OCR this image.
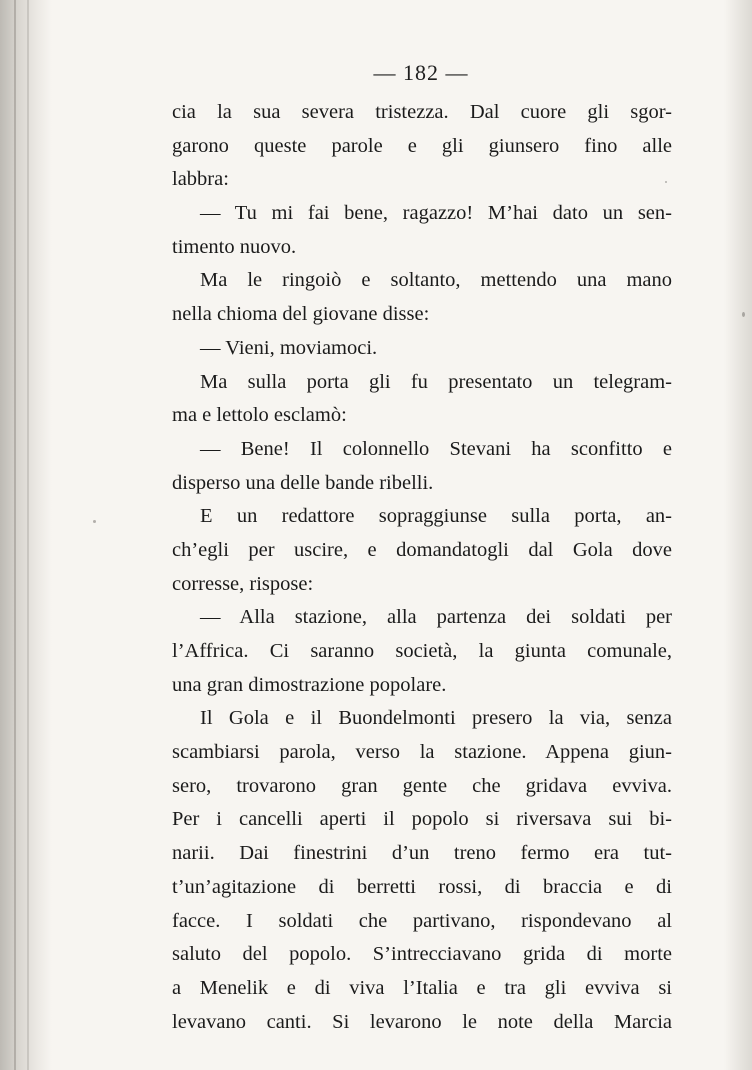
— 182 —
cia la sua severa tristezza. Dal cuore gli sgor-
garono queste parole e gli giunsero fino alle
labbra:
— Tu mi fai bene, ragazzo! M’hai dato un sen-
timento nuovo.
Ma le ringoiò e soltanto, mettendo una mano
nella chioma del giovane disse:
— Vieni, moviamoci.
Ma sulla porta gli fu presentato un telegram-
ma e lettolo esclamò:
— Bene! Il colonnello Stevani ha sconfitto e
disperso una delle bande ribelli.
E un redattore sopraggiunse sulla porta, an-
ch’egli per uscire, e domandatogli dal Gola dove
corresse, rispose:
— Alla stazione, alla partenza dei soldati per
l’Affrica. Ci saranno società, la giunta comunale,
una gran dimostrazione popolare.
Il Gola e il Buondelmonti presero la via, senza
scambiarsi parola, verso la stazione. Appena giun-
sero, trovarono gran gente che gridava evviva.
Per i cancelli aperti il popolo si riversava sui bi-
narii. Dai finestrini d’un treno fermo era tut-
t’un’agitazione di berretti rossi, di braccia e di
facce. I soldati che partivano, rispondevano al
saluto del popolo. S’intrecciavano grida di morte
a Menelik e di viva l’Italia e tra gli evviva si
levavano canti. Si levarono le note della Marcia
